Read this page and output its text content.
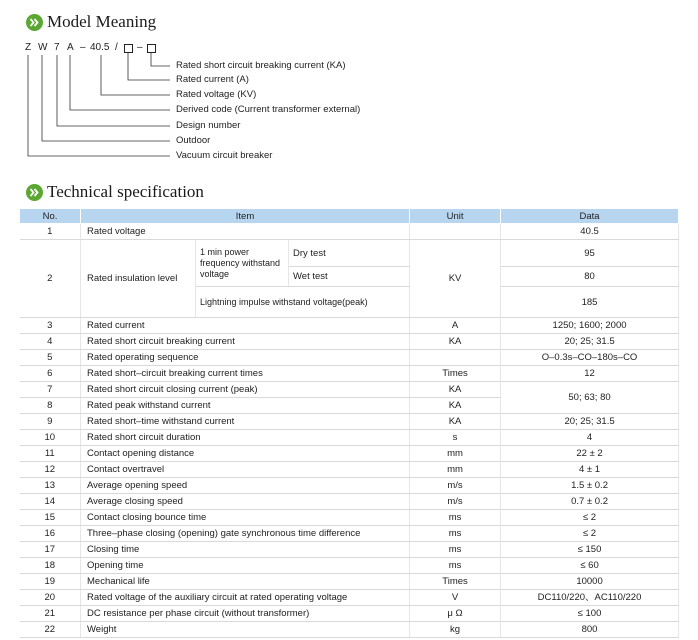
Model Meaning
Z W 7 A – 40.5 / –
Rated short circuit breaking current (KA)
Rated current (A)
Rated voltage (KV)
Derived code (Current transformer external)
Design number
Outdoor
Vacuum circuit breaker
Technical specification
No.	Item			Unit	Data
1	Rated voltage				40.5
2	Rated insulation level	1 min power frequency withstand voltage	Dry test	KV	95
			Wet test		80
		Lightning impulse withstand voltage(peak)			185
3	Rated current			A	1250; 1600; 2000
4	Rated short circuit breaking current			KA	20; 25; 31.5
5	Rated operating sequence				O–0.3s–CO–180s–CO
6	Rated short–circuit breaking current times			Times	12
7	Rated short circuit closing current (peak)			KA	50; 63; 80
8	Rated peak withstand current			KA	
9	Rated short–time withstand current			KA	20; 25; 31.5
10	Rated short circuit duration			s	4
11	Contact opening distance			mm	22 ± 2
12	Contact overtravel			mm	4 ± 1
13	Average opening speed			m/s	1.5 ± 0.2
14	Average closing speed			m/s	0.7 ± 0.2
15	Contact closing bounce time			ms	≤ 2
16	Three–phase closing (opening) gate synchronous time difference			ms	≤ 2
17	Closing time			ms	≤ 150
18	Opening time			ms	≤ 60
19	Mechanical life			Times	10000
20	Rated voltage of the auxiliary circuit at rated operating voltage			V	DC110/220、AC110/220
21	DC resistance per phase circuit (without transformer)			μ Ω	≤ 100
22	Weight			kg	800
